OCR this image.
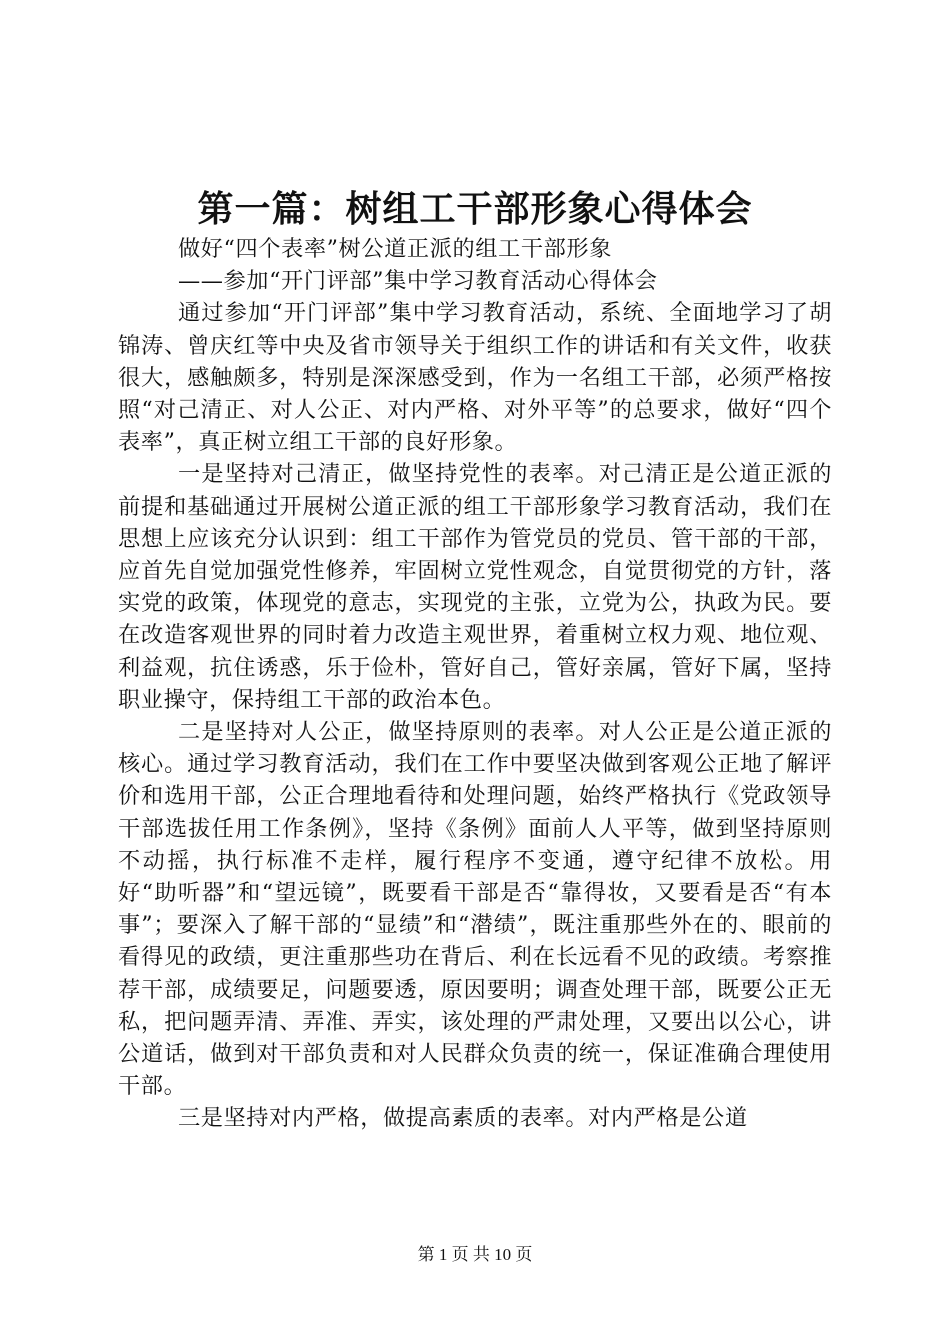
第一篇：树组工干部形象心得体会

做好“四个表率”树公道正派的组工干部形象

——参加“开门评部”集中学习教育活动心得体会

通过参加“开门评部”集中学习教育活动，系统、全面地学习了胡锦涛、曾庆红等中央及省市领导关于组织工作的讲话和有关文件，收获很大，感触颇多，特别是深深感受到，作为一名组工干部，必须严格按照“对己清正、对人公正、对内严格、对外平等”的总要求，做好“四个表率”，真正树立组工干部的良好形象。

一是坚持对己清正，做坚持党性的表率。对己清正是公道正派的前提和基础通过开展树公道正派的组工干部形象学习教育活动，我们在思想上应该充分认识到：组工干部作为管党员的党员、管干部的干部，应首先自觉加强党性修养，牢固树立党性观念，自觉贯彻党的方针，落实党的政策，体现党的意志，实现党的主张，立党为公，执政为民。要在改造客观世界的同时着力改造主观世界，着重树立权力观、地位观、利益观，抗住诱惑，乐于俭朴，管好自己，管好亲属，管好下属，坚持职业操守，保持组工干部的政治本色。

二是坚持对人公正，做坚持原则的表率。对人公正是公道正派的核心。通过学习教育活动，我们在工作中要坚决做到客观公正地了解评价和选用干部，公正合理地看待和处理问题，始终严格执行《党政领导干部选拔任用工作条例》，坚持《条例》面前人人平等，做到坚持原则不动摇，执行标准不走样，履行程序不变通，遵守纪律不放松。用好“助听器”和“望远镜”，既要看干部是否“靠得妆，又要看是否“有本事”；要深入了解干部的“显绩”和“潜绩”，既注重那些外在的、眼前的看得见的政绩，更注重那些功在背后、利在长远看不见的政绩。考察推荐干部，成绩要足，问题要透，原因要明；调查处理干部，既要公正无私，把问题弄清、弄准、弄实，该处理的严肃处理，又要出以公心，讲公道话，做到对干部负责和对人民群众负责的统一，保证准确合理使用干部。

三是坚持对内严格，做提高素质的表率。对内严格是公道

第 1 页 共 10 页
